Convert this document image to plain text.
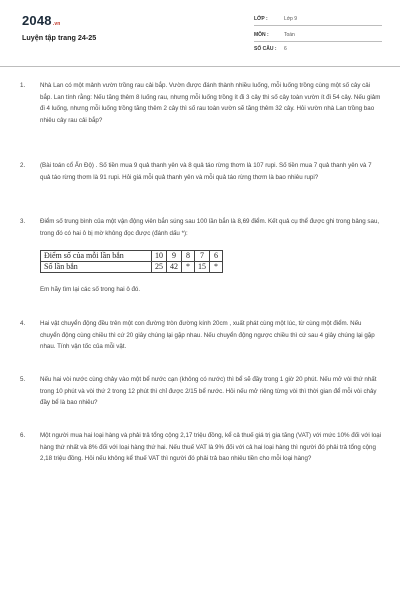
2048.vn
Luyện tập trang 24-25
LỚP :	Lớp 9
MÔN :	Toán
SỐ CÂU : 6
1. Nhà Lan có một mảnh vườn trồng rau cải bắp. Vườn được đánh thành nhiều luống, mỗi luống trồng cùng một số cây cải bắp. Lan tính rằng: Nếu tăng thêm 8 luống rau, nhưng mỗi luống trồng ít đi 3 cây thì số cây toàn vườn ít đi 54 cây. Nếu giảm đi 4 luống, nhưng mỗi luống trồng tăng thêm 2 cây thì số rau toàn vườn sẽ tăng thêm 32 cây. Hỏi vườn nhà Lan trồng bao nhiêu cây rau cải bắp?
2. (Bài toán cổ Ấn Độ) . Số tiền mua 9 quả thanh yên và 8 quả táo rừng thơm là 107 rupi. Số tiền mua 7 quả thanh yên và 7 quả táo rừng thơm là 91 rupi. Hỏi giá mỗi quả thanh yên và mỗi quả táo rừng thơm là bao nhiêu rupi?
3. Điểm số trung bình của một vận động viên bắn súng sau 100 lần bắn là 8,69 điểm. Kết quả cụ thể được ghi trong bảng sau, trong đó có hai ô bị mờ không đọc được (đánh dấu *):
Điểm số của mỗi lần bắn	10	9	8	7	6
Số lần bắn	25	42	*	15	*
Em hãy tìm lại các số trong hai ô đó.
4. Hai vật chuyển động đều trên một con đường tròn đường kính 20cm , xuất phát cùng một lúc, từ cùng một điểm. Nếu chuyển động cùng chiều thì cứ 20 giây chúng lại gặp nhau. Nếu chuyển động ngược chiều thì cứ sau 4 giây chúng lại gặp nhau. Tính vận tốc của mỗi vật.
5. Nếu hai vòi nước cùng chảy vào một bể nước cạn (không có nước) thì bể sẽ đầy trong 1 giờ 20 phút. Nếu mở vòi thứ nhất trong 10 phút và vòi thứ 2 trong 12 phút thì chỉ được 2/15 bể nước. Hỏi nếu mở riêng từng vòi thì thời gian để mỗi vòi chảy đầy bể là bao nhiêu?
6. Một người mua hai loại hàng và phải trả tổng cộng 2,17 triệu đồng, kể cả thuế giá trị gia tăng (VAT) với mức 10% đối với loại hàng thứ nhất và 8% đối với loại hàng thứ hai. Nếu thuế VAT là 9% đối với cả hai loại hàng thì người đó phải trả tổng cộng 2,18 triệu đồng. Hỏi nếu không kể thuế VAT thì người đó phải trả bao nhiêu tiền cho mỗi loại hàng?
